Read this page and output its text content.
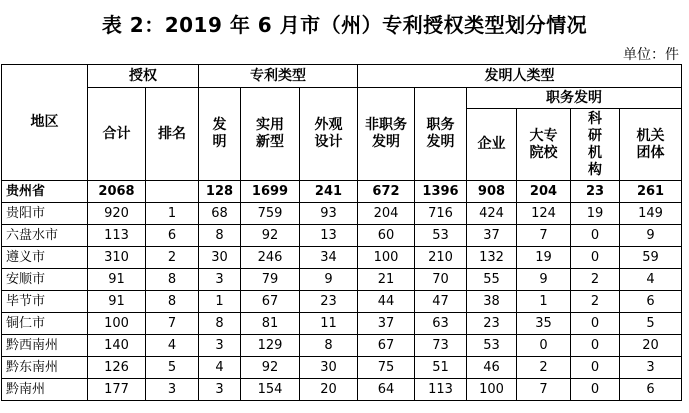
表 2：2019 年 6 月市（州）专利授权类型划分情况
单位：件
地区	授权		专利类型			发明人类型					
	合计	排名	发明	实用新型	外观设计	非职务发明	职务发明	职务发明			
								企业	大专院校	科研机构	机关团体
贵州省	2068		128	1699	241	672	1396	908	204	23	261
贵阳市	920	1	68	759	93	204	716	424	124	19	149
六盘水市	113	6	8	92	13	60	53	37	7	0	9
遵义市	310	2	30	246	34	100	210	132	19	0	59
安顺市	91	8	3	79	9	21	70	55	9	2	4
毕节市	91	8	1	67	23	44	47	38	1	2	6
铜仁市	100	7	8	81	11	37	63	23	35	0	5
黔西南州	140	4	3	129	8	67	73	53	0	0	20
黔东南州	126	5	4	92	30	75	51	46	2	0	3
黔南州	177	3	3	154	20	64	113	100	7	0	6
